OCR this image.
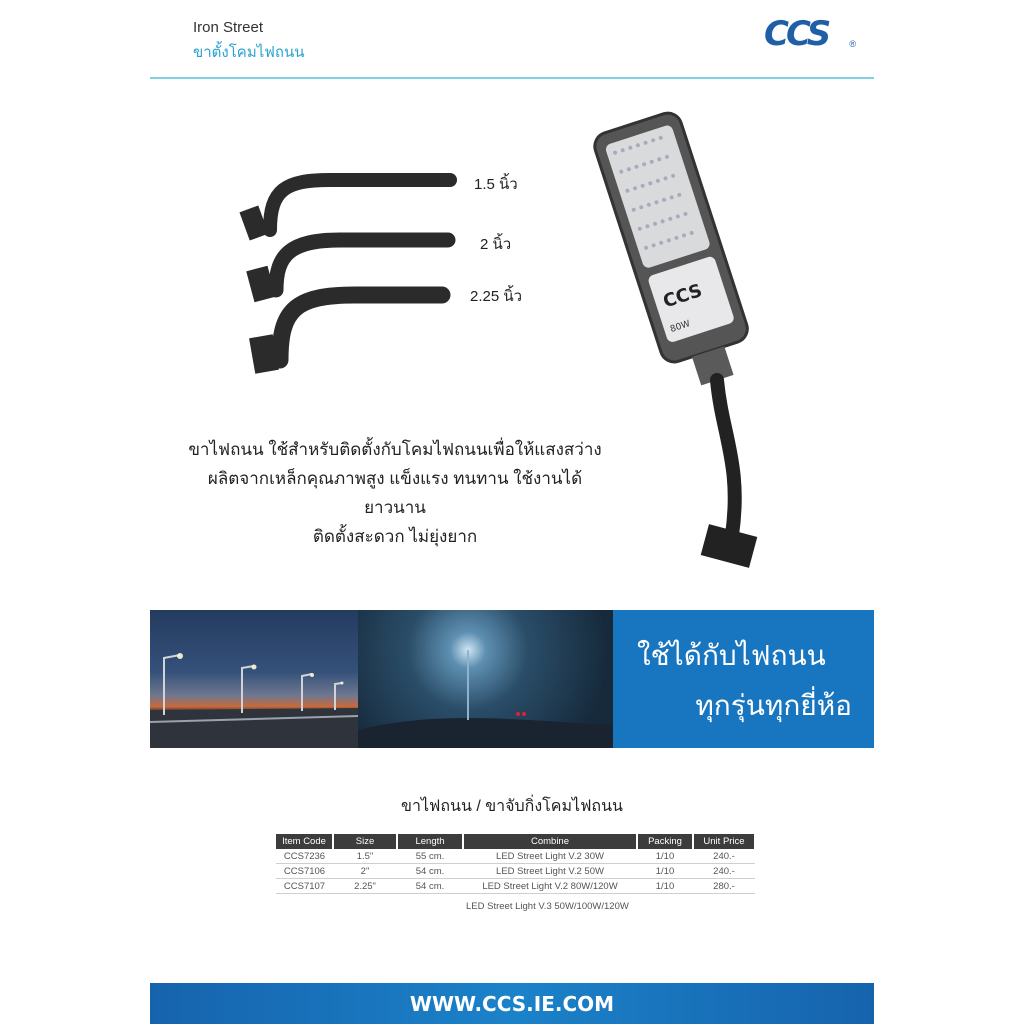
Iron Street
ขาตั้งโคมไฟถนน	CCS ®
1.5 นิ้ว
2 นิ้ว
2.25 นิ้ว	CCS
80W
ขาไฟถนน ใช้สำหรับติดตั้งกับโคมไฟถนนเพื่อให้แสงสว่าง
ผลิตจากเหล็กคุณภาพสูง แข็งแรง ทนทาน ใช้งานได้ยาวนาน
ติดตั้งสะดวก ไม่ยุ่งยาก
ใช้ได้กับไฟถนน
ทุกรุ่นทุกยี่ห้อ
ขาไฟถนน / ขาจับกิ่งโคมไฟถนน
Item Code	Size	Length	Combine	Packing	Unit Price
CCS7236	1.5"	55 cm.	LED Street Light V.2 30W	1/10	240.-
CCS7106	2"	54 cm.	LED Street Light V.2 50W	1/10	240.-
CCS7107	2.25"	54 cm.	LED Street Light V.2 80W/120W	1/10	280.-
LED Street Light V.3 50W/100W/120W
WWW.CCS.IE.COM
